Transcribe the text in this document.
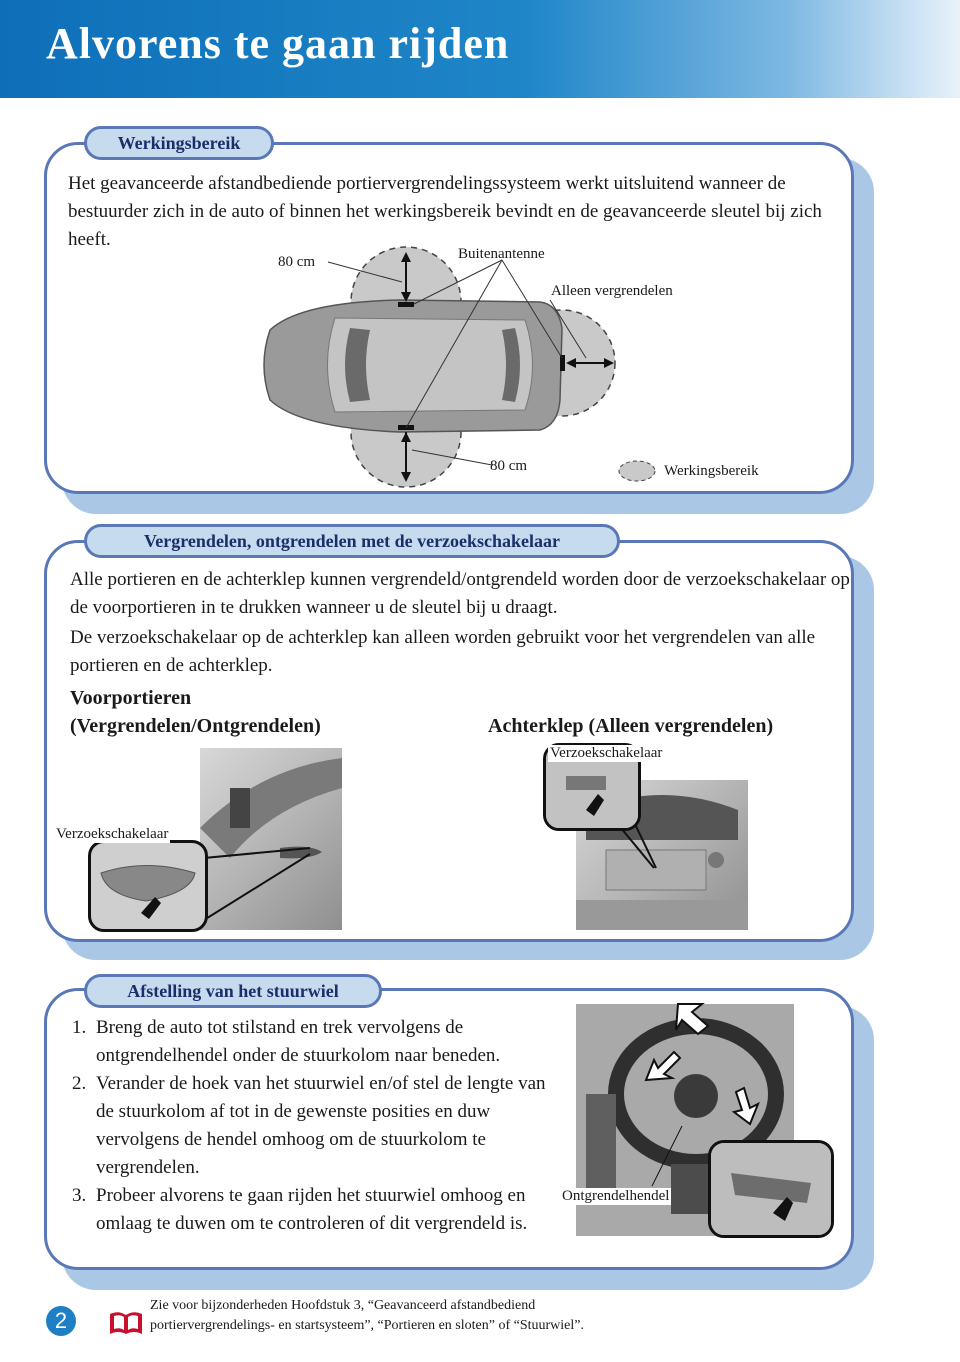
Alvorens te gaan rijden
Werkingsbereik
Het geavanceerde afstandbediende portiervergrendelingssysteem werkt uitsluitend wanneer de bestuurder zich in de auto of binnen het werkingsbereik bevindt en de geavanceerde sleutel bij zich heeft.
80 cm	Buitenantenne
Alleen vergrendelen
80 cm	Werkingsbereik
Vergrendelen, ontgrendelen met de verzoekschakelaar
Alle portieren en de achterklep kunnen vergrendeld/ontgrendeld worden door de verzoekschakelaar op de voorportieren in te drukken wanneer u de sleutel bij u draagt.
De verzoekschakelaar op de achterklep kan alleen worden gebruikt voor het vergrendelen van alle portieren en de achterklep.
Voorportieren
(Vergrendelen/Ontgrendelen)	Achterklep (Alleen vergrendelen)
Verzoekschakelaar
Verzoekschakelaar
Afstelling van het stuurwiel
1. Breng de auto tot stilstand en trek vervolgens de ontgrendelhendel onder de stuurkolom naar beneden.
2. Verander de hoek van het stuurwiel en/of stel de lengte van de stuurkolom af tot in de gewenste posities en duw vervolgens de hendel omhoog om de stuurkolom te vergrendelen.
3. Probeer alvorens te gaan rijden het stuurwiel omhoog en omlaag te duwen om te controleren of dit vergrendeld is.
Ontgrendelhendel
2
Zie voor bijzonderheden Hoofdstuk 3, “Geavanceerd afstandbediend
portiervergrendelings- en startsysteem”, “Portieren en sloten” of “Stuurwiel”.
